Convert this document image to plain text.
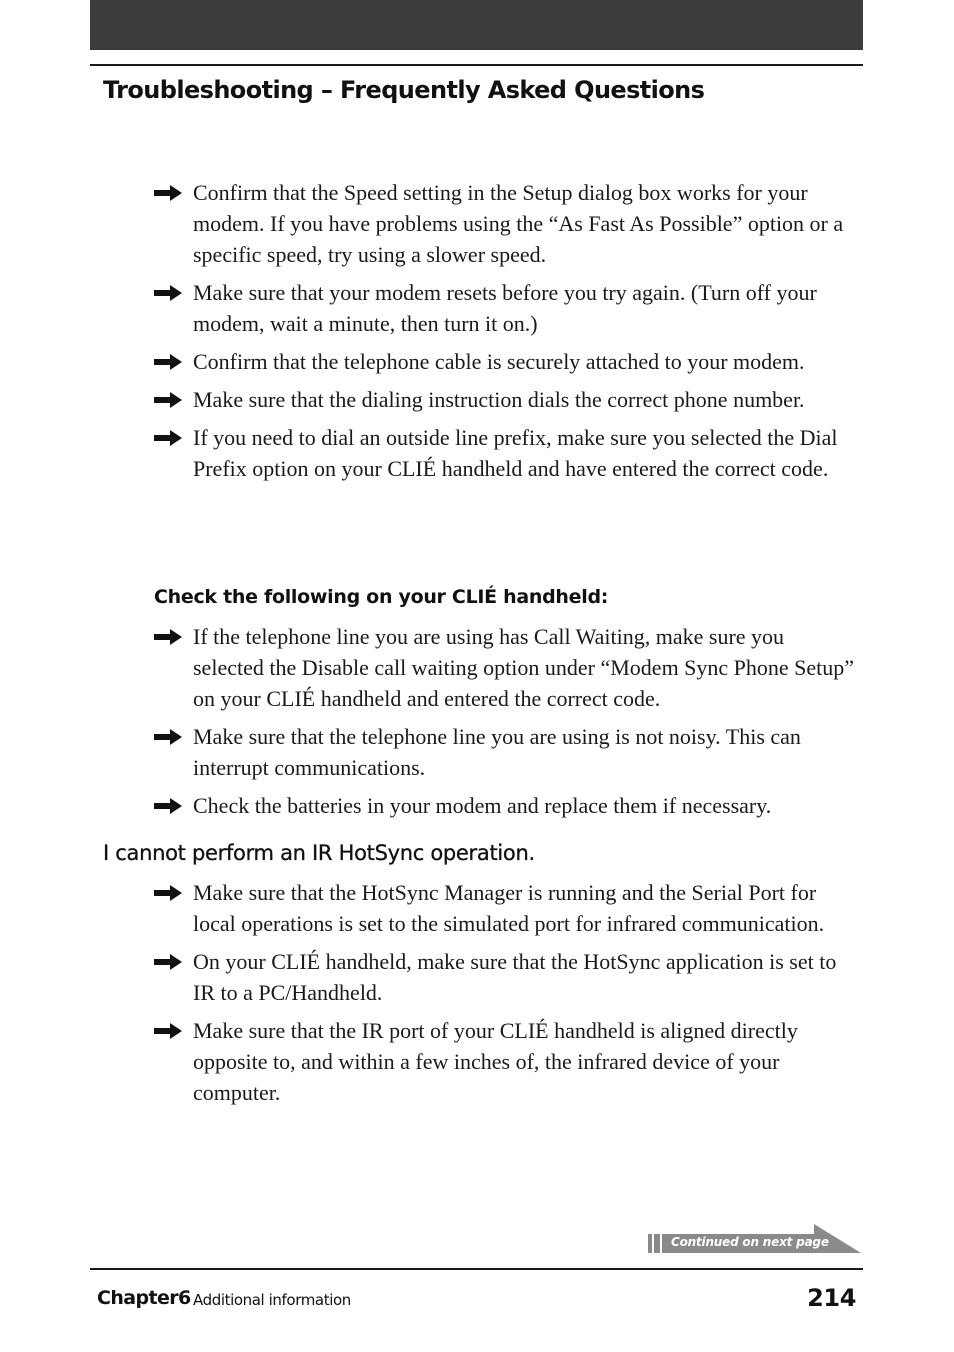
Troubleshooting – Frequently Asked Questions
Confirm that the Speed setting in the Setup dialog box works for your modem. If you have problems using the “As Fast As Possible” option or a specific speed, try using a slower speed.
Make sure that your modem resets before you try again. (Turn off your modem, wait a minute, then turn it on.)
Confirm that the telephone cable is securely attached to your modem.
Make sure that the dialing instruction dials the correct phone number.
If you need to dial an outside line prefix, make sure you selected the Dial Prefix option on your CLIÉ handheld and have entered the correct code.
Check the following on your CLIÉ handheld:
If the telephone line you are using has Call Waiting, make sure you selected the Disable call waiting option under “Modem Sync Phone Setup” on your CLIÉ handheld and entered the correct code.
Make sure that the telephone line you are using is not noisy. This can interrupt communications.
Check the batteries in your modem and replace them if necessary.
I cannot perform an IR HotSync operation.
Make sure that the HotSync Manager is running and the Serial Port for local operations is set to the simulated port for infrared communication.
On your CLIÉ handheld, make sure that the HotSync application is set to IR to a PC/Handheld.
Make sure that the IR port of your CLIÉ handheld is aligned directly opposite to, and within a few inches of, the infrared device of your computer.
Continued on next page
Chapter6 Additional information	214
